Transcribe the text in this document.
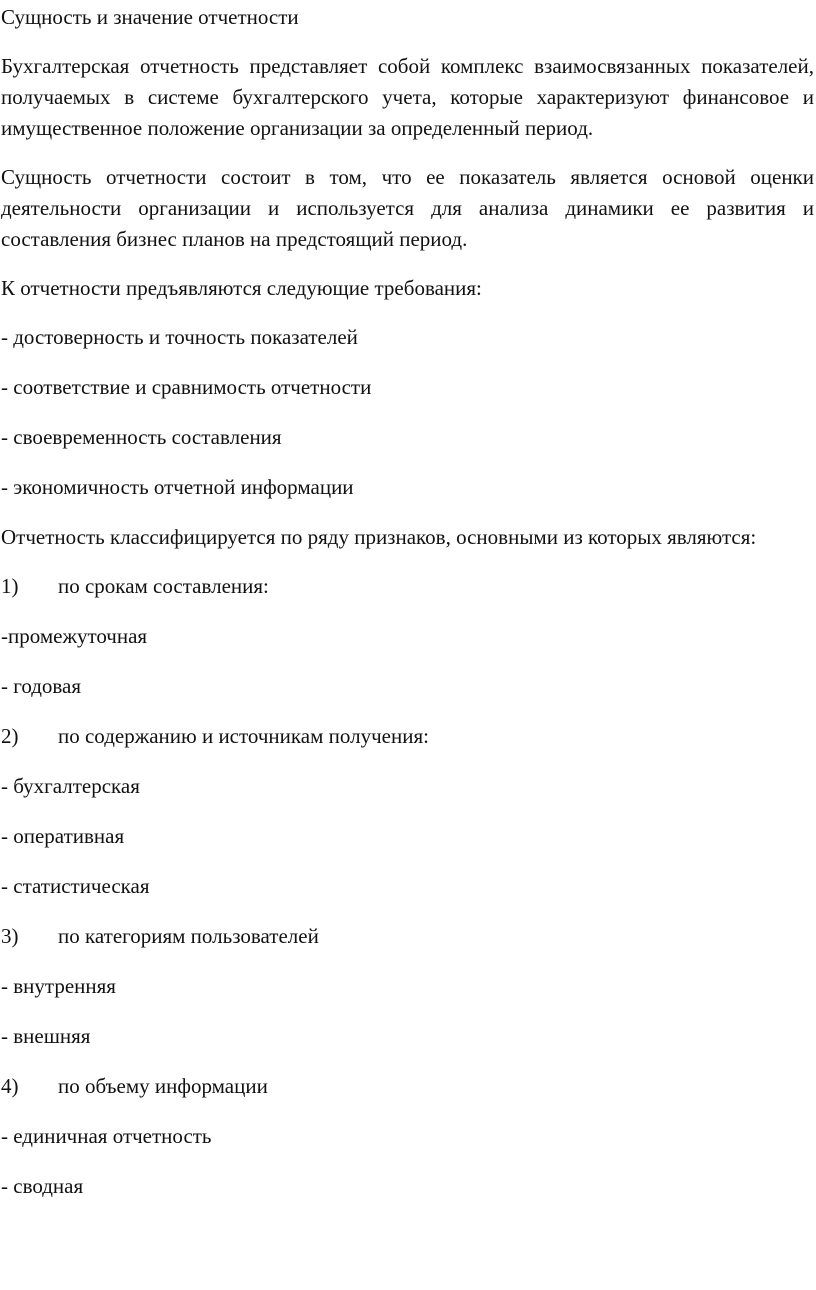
Сущность и значение отчетности
Бухгалтерская отчетность представляет собой комплекс взаимосвязанных показателей, получаемых в системе бухгалтерского учета, которые характеризуют финансовое и имущественное положение организации за определенный период.
Сущность отчетности состоит в том, что ее показатель является основой оценки деятельности организации и используется для анализа динамики ее развития и составления бизнес планов на предстоящий период.
К отчетности предъявляются следующие требования:
- достоверность и точность показателей
- соответствие и сравнимость отчетности
- своевременность составления
- экономичность отчетной информации
Отчетность классифицируется по ряду признаков, основными из которых являются:
1)	по срокам составления:
-промежуточная
- годовая
2)	по содержанию и источникам получения:
- бухгалтерская
- оперативная
- статистическая
3)	по категориям пользователей
- внутренняя
- внешняя
4)	по объему информации
- единичная отчетность
- сводная
